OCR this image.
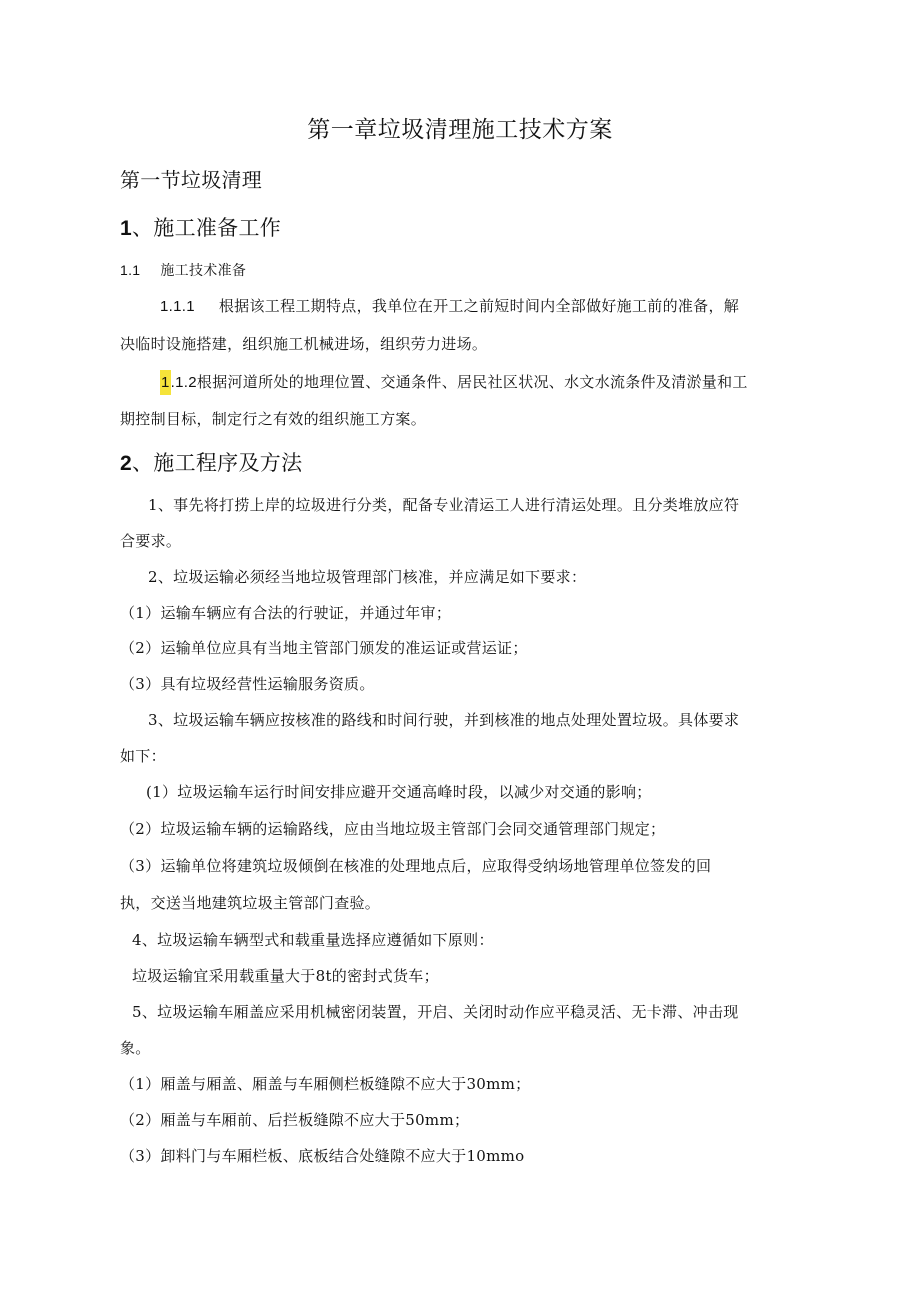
第一章垃圾清理施工技术方案
第一节垃圾清理
1、施工准备工作
1.1 施工技术准备
1.1.1 根据该工程工期特点，我单位在开工之前短时间内全部做好施工前的准备，解
决临时设施搭建，组织施工机械进场，组织劳力进场。
1.1.2根据河道所处的地理位置、交通条件、居民社区状况、水文水流条件及清淤量和工
期控制目标，制定行之有效的组织施工方案。
2、施工程序及方法
1、事先将打捞上岸的垃圾进行分类，配备专业清运工人进行清运处理。且分类堆放应符
合要求。
2、垃圾运输必须经当地垃圾管理部门核准，并应满足如下要求：
（1）运输车辆应有合法的行驶证，并通过年审；
（2）运输单位应具有当地主管部门颁发的准运证或营运证；
（3）具有垃圾经营性运输服务资质。
3、垃圾运输车辆应按核准的路线和时间行驶，并到核准的地点处理处置垃圾。具体要求
如下：
(1）垃圾运输车运行时间安排应避开交通高峰时段，以减少对交通的影响；
（2）垃圾运输车辆的运输路线，应由当地垃圾主管部门会同交通管理部门规定；
（3）运输单位将建筑垃圾倾倒在核准的处理地点后，应取得受纳场地管理单位签发的回
执，交送当地建筑垃圾主管部门查验。
4、垃圾运输车辆型式和载重量选择应遵循如下原则：
垃圾运输宜采用载重量大于8t的密封式货车；
5、垃圾运输车厢盖应采用机械密闭装置，开启、关闭时动作应平稳灵活、无卡滞、冲击现
象。
（1）厢盖与厢盖、厢盖与车厢侧栏板缝隙不应大于30mm；
（2）厢盖与车厢前、后拦板缝隙不应大于50mm；
（3）卸料门与车厢栏板、底板结合处缝隙不应大于10mmo
